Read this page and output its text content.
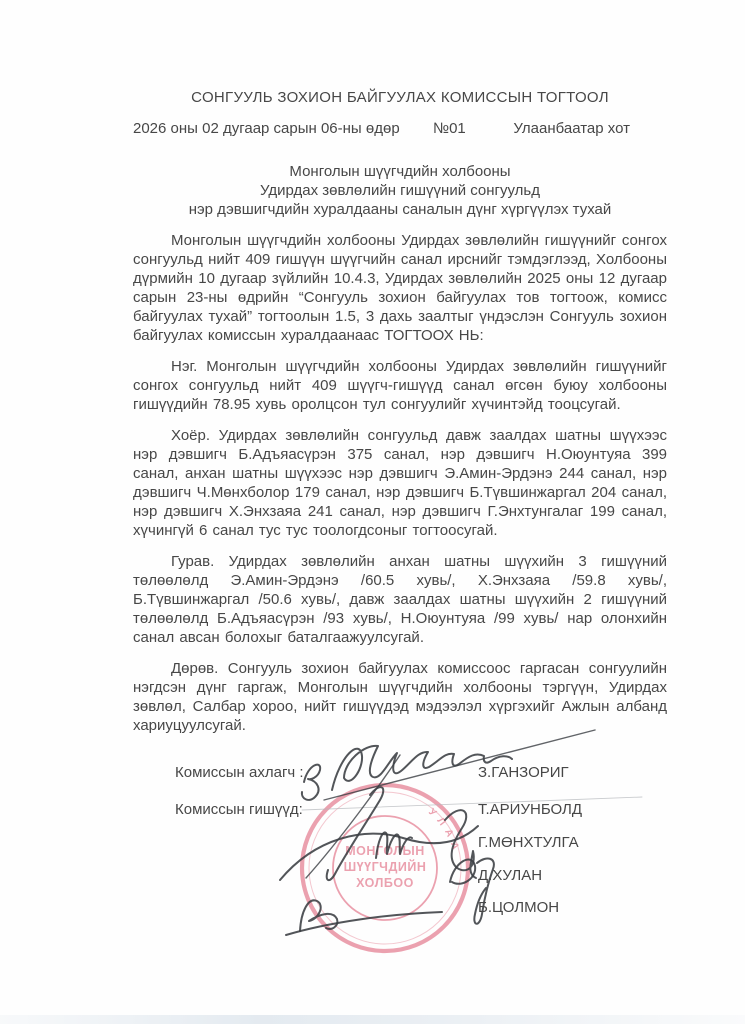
СОНГУУЛЬ ЗОХИОН БАЙГУУЛАХ КОМИССЫН ТОГТООЛ
2026 оны 02 дугаар сарын 06-ны өдөр №01	Улаанбаатар хот
Монголын шүүгчдийн холбооны
Удирдах зөвлөлийн гишүүний сонгуульд
нэр дэвшигчдийн хуралдааны саналын дүнг хүргүүлэх тухай

Монголын шүүгчдийн холбооны Удирдах зөвлөлийн гишүүнийг сонгох сонгуульд нийт 409 гишүүн шүүгчийн санал ирснийг тэмдэглээд, Холбооны дүрмийн 10 дугаар зүйлийн 10.4.3, Удирдах зөвлөлийн 2025 оны 12 дугаар сарын 23-ны өдрийн “Сонгууль зохион байгуулах тов тогтоож, комисс байгуулах тухай” тогтоолын 1.5, 3 дахь заалтыг үндэслэн Сонгууль зохион байгуулах комиссын хуралдаанаас ТОГТООХ НЬ:

Нэг. Монголын шүүгчдийн холбооны Удирдах зөвлөлийн гишүүнийг сонгох сонгуульд нийт 409 шүүгч-гишүүд санал өгсөн буюу холбооны гишүүдийн 78.95 хувь оролцсон тул сонгуулийг хүчинтэйд тооцсугай.

Хоёр. Удирдах зөвлөлийн сонгуульд давж заалдах шатны шүүхээс нэр дэвшигч Б.Адъяасүрэн 375 санал, нэр дэвшигч Н.Оюунтуяа 399 санал, анхан шатны шүүхээс нэр дэвшигч Э.Амин-Эрдэнэ 244 санал, нэр дэвшигч Ч.Мөнхболор 179 санал, нэр дэвшигч Б.Түвшинжаргал 204 санал, нэр дэвшигч Х.Энхзаяа 241 санал, нэр дэвшигч Г.Энхтунгалаг 199 санал, хүчингүй 6 санал тус тус тоологдсоныг тогтоосугай.

Гурав. Удирдах зөвлөлийн анхан шатны шүүхийн 3 гишүүний төлөөлөлд Э.Амин-Эрдэнэ /60.5 хувь/, Х.Энхзаяа /59.8 хувь/, Б.Түвшинжаргал /50.6 хувь/, давж заалдах шатны шүүхийн 2 гишүүний төлөөлөлд Б.Адъяасүрэн /93 хувь/, Н.Оюунтуяа /99 хувь/ нар олонхийн санал авсан болохыг баталгаажуулсугай.

Дөрөв. Сонгууль зохион байгуулах комиссоос гаргасан сонгуулийн нэгдсэн дүнг гаргаж, Монголын шүүгчдийн холбооны тэргүүн, Удирдах зөвлөл, Салбар хороо, нийт гишүүдэд мэдээлэл хүргэхийг Ажлын албанд хариуцуулсугай.

УЛАА
МОНГОЛЫН
ШҮҮГЧДИЙН
ХОЛБОО
Комиссын ахлагч :	З.ГАНЗОРИГ
Комиссын гишүүд:	Т.АРИУНБОЛД
Г.МӨНХТУЛГА
Д.ХУЛАН
Б.ЦОЛМОН
